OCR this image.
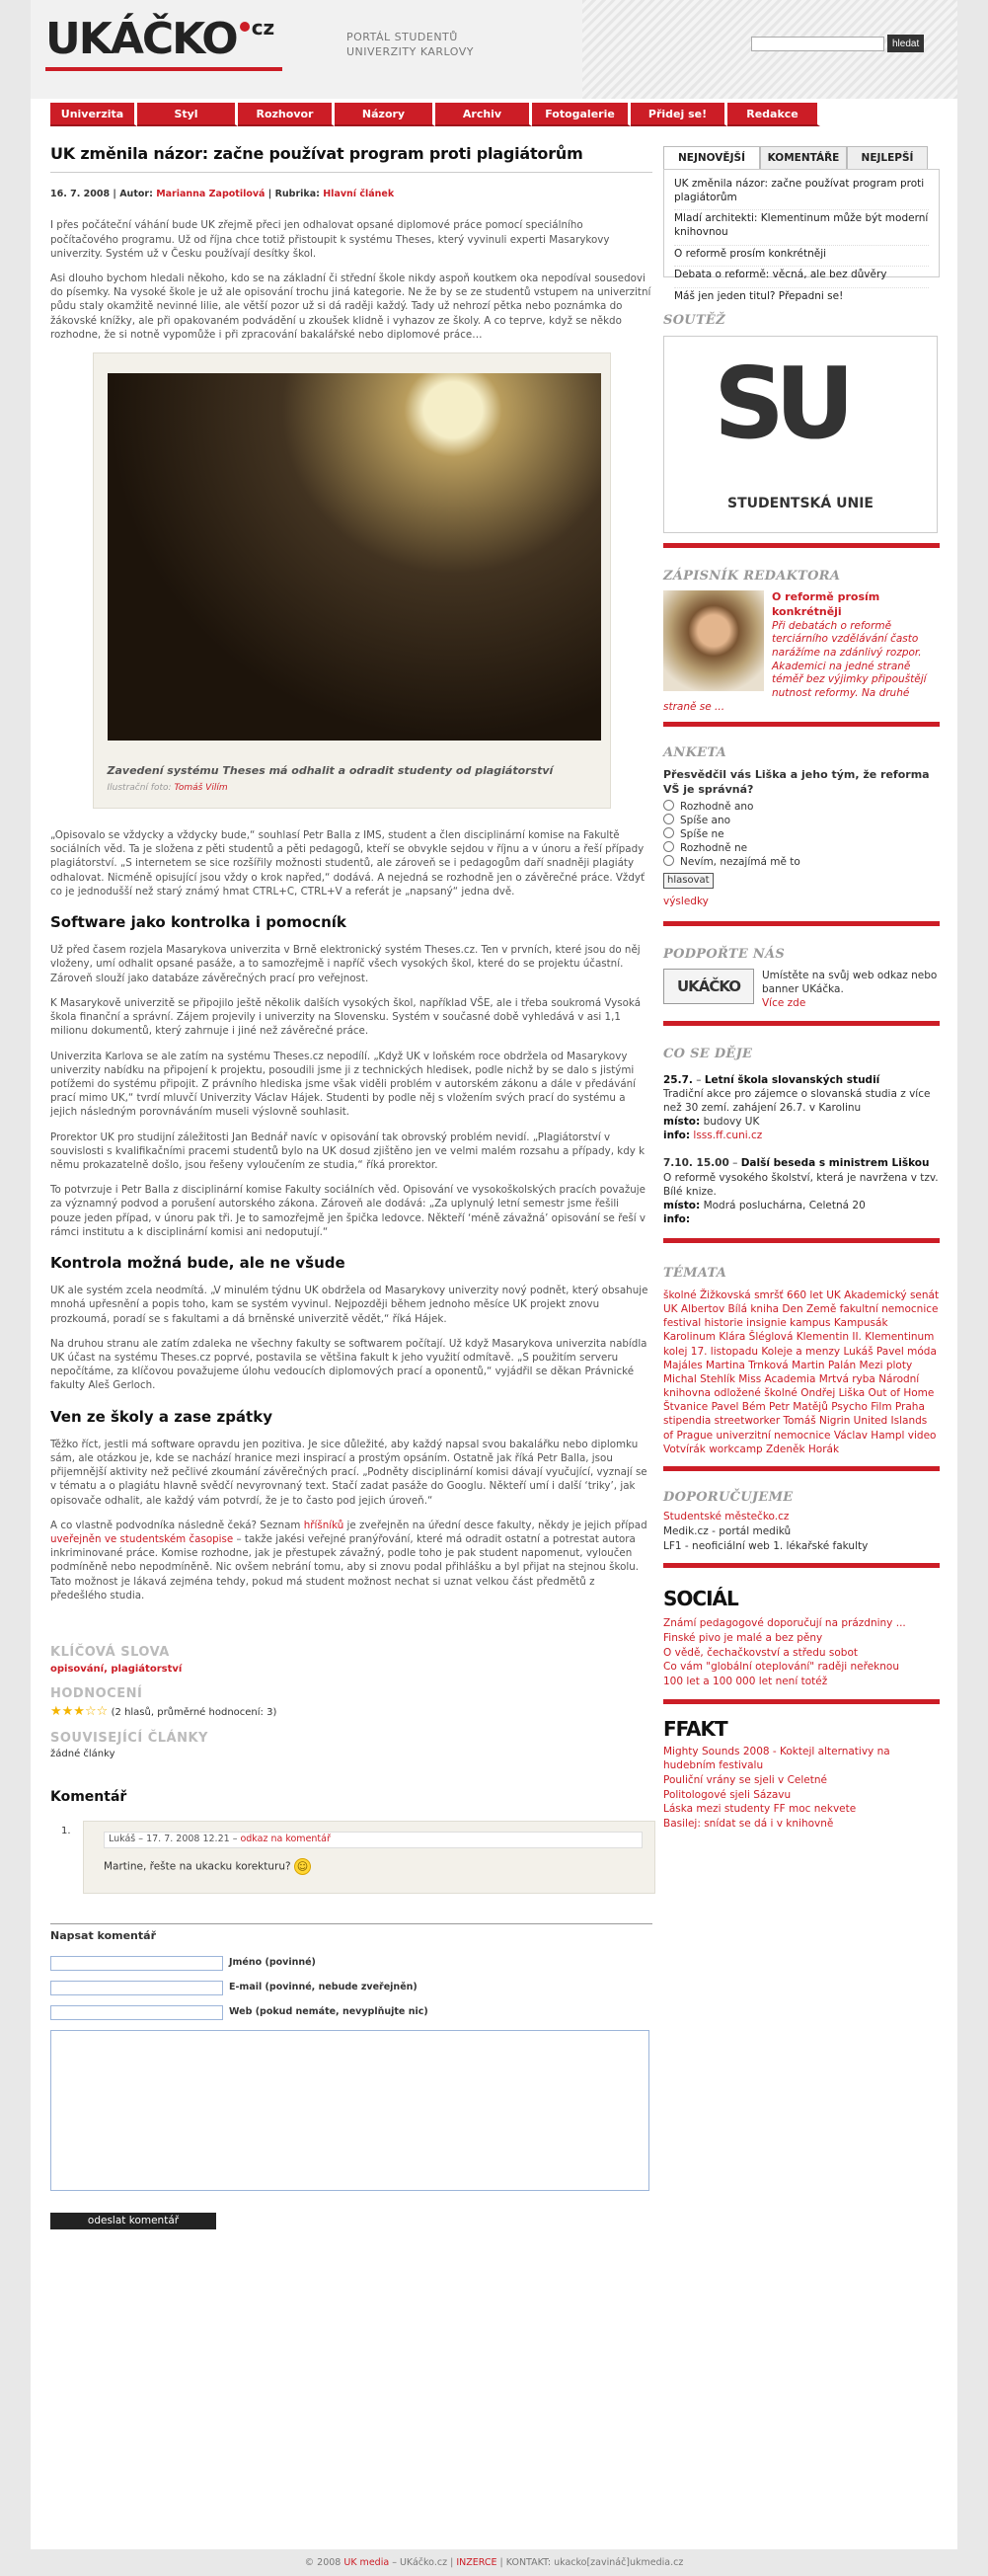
UKÁČKO cz	PORTÁL STUDENTŮ
UNIVERZITY KARLOVY
hledat
Univerzita	Styl	Rozhovor	Názory	Archiv	Fotogalerie	Přidej se!	Redakce
UK změnila názor: začne používat program proti plagiátorům
16. 7. 2008 | Autor: Marianna Zapotilová | Rubrika: Hlavní článek

I přes počáteční váhání bude UK zřejmě přeci jen odhalovat opsané diplomové práce pomocí speciálního počítačového programu. Už od října chce totiž přistoupit k systému Theses, který vyvinuli experti Masarykovy univerzity. Systém už v Česku používají desítky škol.

Asi dlouho bychom hledali někoho, kdo se na základní či střední škole nikdy aspoň koutkem oka nepodíval sousedovi do písemky. Na vysoké škole je už ale opisování trochu jiná kategorie. Ne že by se ze studentů vstupem na univerzitní půdu staly okamžitě nevinné lilie, ale větší pozor už si dá raději každý. Tady už nehrozí pětka nebo poznámka do žákovské knížky, ale při opakovaném podvádění u zkoušek klidně i vyhazov ze školy. A co teprve, když se někdo rozhodne, že si notně vypomůže i při zpracování bakalářské nebo diplomové práce…

Zavedení systému Theses má odhalit a odradit studenty od plagiátorství
Ilustrační foto: Tomáš Vilím

„Opisovalo se vždycky a vždycky bude,“ souhlasí Petr Balla z IMS, student a člen disciplinární komise na Fakultě sociálních věd. Ta je složena z pěti studentů a pěti pedagogů, kteří se obvykle sejdou v říjnu a v únoru a řeší případy plagiátorství. „S internetem se sice rozšířily možnosti studentů, ale zároveň se i pedagogům daří snadněji plagiáty odhalovat. Nicméně opisující jsou vždy o krok napřed,“ dodává. A nejedná se rozhodně jen o závěrečné práce. Vždyť co je jednodušší než starý známý hmat CTRL+C, CTRL+V a referát je „napsaný“ jedna dvě.

Software jako kontrolka i pomocník

Už před časem rozjela Masarykova univerzita v Brně elektronický systém Theses.cz. Ten v prvních, které jsou do něj vloženy, umí odhalit opsané pasáže, a to samozřejmě i napříč všech vysokých škol, které do se projektu účastní. Zároveň slouží jako databáze závěrečných prací pro veřejnost.

K Masarykově univerzitě se připojilo ještě několik dalších vysokých škol, například VŠE, ale i třeba soukromá Vysoká škola finanční a správní. Zájem projevily i univerzity na Slovensku. Systém v současné době vyhledává v asi 1,1 milionu dokumentů, který zahrnuje i jiné než závěrečné práce.

Univerzita Karlova se ale zatím na systému Theses.cz nepodílí. „Když UK v loňském roce obdržela od Masarykovy univerzity nabídku na připojení k projektu, posoudili jsme ji z technických hledisek, podle nichž by se dalo s jistými potížemi do systému připojit. Z právního hlediska jsme však viděli problém v autorském zákonu a dále v předávání prací mimo UK,“ tvrdí mluvčí Univerzity Václav Hájek. Studenti by podle něj s vložením svých prací do systému a jejich následným porovnáváním museli výslovně souhlasit.

Prorektor UK pro studijní záležitosti Jan Bednář navíc v opisování tak obrovský problém nevidí. „Plagiátorství v souvislosti s kvalifikačními pracemi studentů bylo na UK dosud zjištěno jen ve velmi malém rozsahu a případy, kdy k němu prokazatelně došlo, jsou řešeny vyloučením ze studia,“ říká prorektor.

To potvrzuje i Petr Balla z disciplinární komise Fakulty sociálních věd. Opisování ve vysokoškolských pracích považuje za významný podvod a porušení autorského zákona. Zároveň ale dodává: „Za uplynulý letní semestr jsme řešili pouze jeden případ, v únoru pak tři. Je to samozřejmě jen špička ledovce. Někteří ‘méně závažná’ opisování se řeší v rámci institutu a k disciplinární komisi ani nedoputují.“

Kontrola možná bude, ale ne všude

UK ale systém zcela neodmítá. „V minulém týdnu UK obdržela od Masarykovy univerzity nový podnět, který obsahuje mnohá upřesnění a popis toho, kam se systém vyvinul. Nejpozději během jednoho měsíce UK projekt znovu prozkoumá, poradí se s fakultami a dá brněnské univerzitě vědět,“ říká Hájek.

Na druhou stranu ale zatím zdaleka ne všechny fakulty se softwarem počítají. Už když Masarykova univerzita nabídla UK účast na systému Theses.cz poprvé, postavila se většina fakult k jeho využití odmítavě. „S použitím serveru nepočítáme, za klíčovou považujeme úlohu vedoucích diplomových prací a oponentů,“ vyjádřil se děkan Právnické fakulty Aleš Gerloch.

Ven ze školy a zase zpátky

Těžko říct, jestli má software opravdu jen pozitiva. Je sice důležité, aby každý napsal svou bakalářku nebo diplomku sám, ale otázkou je, kde se nachází hranice mezi inspirací a prostým opsáním. Ostatně jak říká Petr Balla, jsou přijemnější aktivity než pečlivé zkoumání závěrečných prací. „Podněty disciplinární komisi dávají vyučující, vyznají se v tématu a o plagiátu hlavně svědčí nevyrovnaný text. Stačí zadat pasáže do Googlu. Někteří umí i další ‘triky’, jak opisovače odhalit, ale každý vám potvrdí, že je to často pod jejich úroveň.“

A co vlastně podvodníka následně čeká? Seznam hříšníků je zveřejněn na úřední desce fakulty, někdy je jejich případ uveřejněn ve studentském časopise – takže jakési veřejné pranýřování, které má odradit ostatní a potrestat autora inkriminované práce. Komise rozhodne, jak je přestupek závažný, podle toho je pak student napomenut, vyloučen podmíněně nebo nepodmíněně. Nic ovšem nebrání tomu, aby si znovu podal přihlášku a byl přijat na stejnou školu. Tato možnost je lákavá zejména tehdy, pokud má student možnost nechat si uznat velkou část předmětů z předešlého studia.

KLÍČOVÁ SLOVA
opisování, plagiátorství
HODNOCENÍ
★★★☆☆ (2 hlasů, průměrné hodnocení: 3)
SOUVISEJÍCÍ ČLÁNKY
žádné články
Komentář
1.
Lukáš – 17. 7. 2008 12.21 – odkaz na komentář
Martine, řešte na ukacku korekturu? ☺
Napsat komentář
Jméno (povinné)
E-mail (povinné, nebude zveřejněn)
Web (pokud nemáte, nevyplňujte nic)
odeslat komentář
NEJNOVĚJŠÍ	KOMENTÁŘE	NEJLEPŠÍ
UK změnila názor: začne používat program proti plagiátorům
Mladí architekti: Klementinum může být moderní knihovnou
O reformě prosím konkrétněji
Debata o reformě: věcná, ale bez důvěry
Máš jen jeden titul? Přepadni se!
SOUTĚŽ
SU
STUDENTSKÁ UNIE
ZÁPISNÍK REDAKTORA
O reformě prosím konkrétněji
Při debatách o reformě terciárního vzdělávání často narážíme na zdánlivý rozpor. Akademici na jedné straně téměř bez výjimky připouštějí nutnost reformy. Na druhé straně se ...
ANKETA
Přesvědčil vás Liška a jeho tým, že reforma VŠ je správná?
Rozhodně ano
Spíše ano
Spíše ne
Rozhodně ne
Nevím, nezajímá mě to
hlasovat
výsledky
PODPOŘTE NÁS
UKÁČKO
Umístěte na svůj web odkaz nebo banner UKáčka.
Více zde
CO SE DĚJE
25.7. – Letní škola slovanských studií
Tradiční akce pro zájemce o slovanská studia z více než 30 zemí. zahájení 26.7. v Karolinu
místo: budovy UK
info: lsss.ff.cuni.cz
7.10. 15.00 – Další beseda s ministrem Liškou
O reformě vysokého školství, která je navržena v tzv. Bílé knize.
místo: Modrá posluchárna, Celetná 20
info:
TÉMATA
školné Žižkovská smršť 660 let UK Akademický senát UK Albertov Bílá kniha Den Země fakultní nemocnice festival historie insignie kampus Kampusák Karolinum Klára Šléglová Klementin II. Klementinum kolej 17. listopadu Koleje a menzy Lukáš Pavel móda Majáles Martina Trnková Martin Palán Mezi ploty Michal Stehlík Miss Academia Mrtvá ryba Národní knihovna odložené školné Ondřej Liška Out of Home Štvanice Pavel Bém Petr Matějů Psycho Film Praha stipendia streetworker Tomáš Nigrin United Islands of Prague univerzitní nemocnice Václav Hampl video Votvírák workcamp Zdeněk Horák
DOPORUČUJEME
Studentské městečko.cz
Medik.cz - portál mediků
LF1 - neoficiální web 1. lékařské fakulty
SOCIÁL
Známí pedagogové doporučují na prázdniny ...
Finské pivo je malé a bez pěny
O vědě, čechačkovství a středu sobot
Co vám "globální oteplování" raději neřeknou
100 let a 100 000 let není totéž
FFAKT
Mighty Sounds 2008 - Koktejl alternativy na hudebním festivalu
Pouliční vrány se sjeli v Celetné
Politologové sjeli Sázavu
Láska mezi studenty FF moc nekvete
Basilej: snídat se dá i v knihovně
© 2008 UK media – UKáčko.cz | INZERCE | KONTAKT: ukacko[zavináč]ukmedia.cz
